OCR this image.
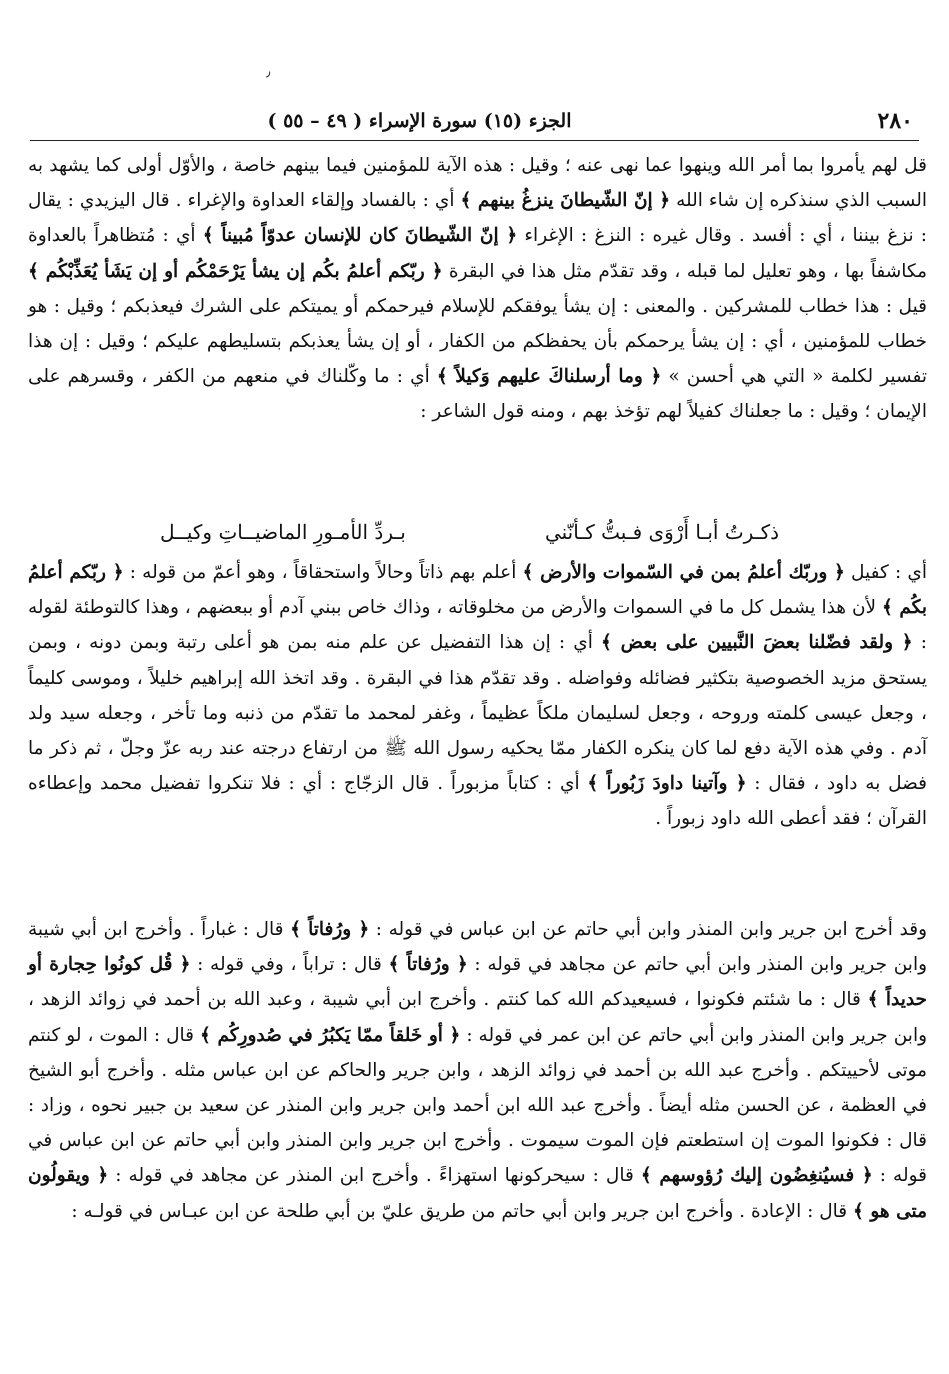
٫
٢٨٠
الجزء (١٥) سورة الإسراء ( ٤٩ – ٥٥ )

قل لهم يأمروا بما أمر الله وينهوا عما نهى عنه ؛ وقيل : هذه الآية للمؤمنين فيما بينهم خاصة ، والأوّل أولى كما يشهد به السبب الذي سنذكره إن شاء الله ﴿ إنّ الشّيطانَ ينزغُ بينهم ﴾ أي : بالفساد وإلقاء العداوة والإغراء . قال اليزيدي : يقال : نزغ بيننا ، أي : أفسد . وقال غيره : النزغ : الإغراء ﴿ إنّ الشّيطانَ كان للإنسان عدوّاً مُبيناً ﴾ أي : مُتظاهراً بالعداوة مكاشفاً بها ، وهو تعليل لما قبله ، وقد تقدّم مثل هذا في البقرة ﴿ ربّكم أعلمُ بكُم إن يشأ يَرْحَمْكُم أو إن يَشَأ يُعَذِّبْكُم ﴾ قيل : هذا خطاب للمشركين . والمعنى : إن يشأ يوفقكم للإسلام فيرحمكم أو يميتكم على الشرك فيعذبكم ؛ وقيل : هو خطاب للمؤمنين ، أي : إن يشأ يرحمكم بأن يحفظكم من الكفار ، أو إن يشأ يعذبكم بتسليطهم عليكم ؛ وقيل : إن هذا تفسير لكلمة « التي هي أحسن » ﴿ وما أرسلناكَ عليهم وَكيلاً ﴾ أي : ما وكّلناك في منعهم من الكفر ، وقسرهم على الإيمان ؛ وقيل : ما جعلناك كفيلاً لهم تؤخذ بهم ، ومنه قول الشاعر :

ذكـرتُ أبـا أَرْوَى فـبتُّ كـأنّني
بـردِّ الأمـورِ الماضيــاتِ وكيــل

أي : كفيل ﴿ وربّك أعلمُ بمن في السّموات والأرض ﴾ أعلم بهم ذاتاً وحالاً واستحقاقاً ، وهو أعمّ من قوله : ﴿ ربّكم أعلمُ بكُم ﴾ لأن هذا يشمل كل ما في السموات والأرض من مخلوقاته ، وذاك خاص ببني آدم أو ببعضهم ، وهذا كالتوطئة لقوله : ﴿ ولقد فضّلنا بعضَ النَّبيين على بعض ﴾ أي : إن هذا التفضيل عن علم منه بمن هو أعلى رتبة وبمن دونه ، وبمن يستحق مزيد الخصوصية بتكثير فضائله وفواضله . وقد تقدّم هذا في البقرة . وقد اتخذ الله إبراهيم خليلاً ، وموسى كليماً ، وجعل عيسى كلمته وروحه ، وجعل لسليمان ملكاً عظيماً ، وغفر لمحمد ما تقدّم من ذنبه وما تأخر ، وجعله سيد ولد آدم . وفي هذه الآية دفع لما كان ينكره الكفار ممّا يحكيه رسول الله ﷺ من ارتفاع درجته عند ربه عزّ وجلّ ، ثم ذكر ما فضل به داود ، فقال : ﴿ وآتينا داودَ زَبُوراً ﴾ أي : كتاباً مزبوراً . قال الزجّاج : أي : فلا تنكروا تفضيل محمد وإعطاءه القرآن ؛ فقد أعطى الله داود زبوراً .

وقد أخرج ابن جرير وابن المنذر وابن أبي حاتم عن ابن عباس في قوله : ﴿ ورُفاتاً ﴾ قال : غباراً . وأخرج ابن أبي شيبة وابن جرير وابن المنذر وابن أبي حاتم عن مجاهد في قوله : ﴿ ورُفاتاً ﴾ قال : تراباً ، وفي قوله : ﴿ قُل كونُوا حِجارة أو حديداً ﴾ قال : ما شئتم فكونوا ، فسيعيدكم الله كما كنتم . وأخرج ابن أبي شيبة ، وعبد الله بن أحمد في زوائد الزهد ، وابن جرير وابن المنذر وابن أبي حاتم عن ابن عمر في قوله : ﴿ أو خَلقاً ممّا يَكبُرُ في صُدورِكُم ﴾ قال : الموت ، لو كنتم موتى لأحييتكم . وأخرج عبد الله بن أحمد في زوائد الزهد ، وابن جرير والحاكم عن ابن عباس مثله . وأخرج أبو الشيخ في العظمة ، عن الحسن مثله أيضاً . وأخرج عبد الله ابن أحمد وابن جرير وابن المنذر عن سعيد بن جبير نحوه ، وزاد : قال : فكونوا الموت إن استطعتم فإن الموت سيموت . وأخرج ابن جرير وابن المنذر وابن أبي حاتم عن ابن عباس في قوله : ﴿ فسيُنغِضُون إليك رُؤوسهم ﴾ قال : سيحركونها استهزاءً . وأخرج ابن المنذر عن مجاهد في قوله : ﴿ ويقولُون متى هو ﴾ قال : الإعادة . وأخرج ابن جرير وابن أبي حاتم من طريق عليّ بن أبي طلحة عن ابن عبـاس في قولـه :
